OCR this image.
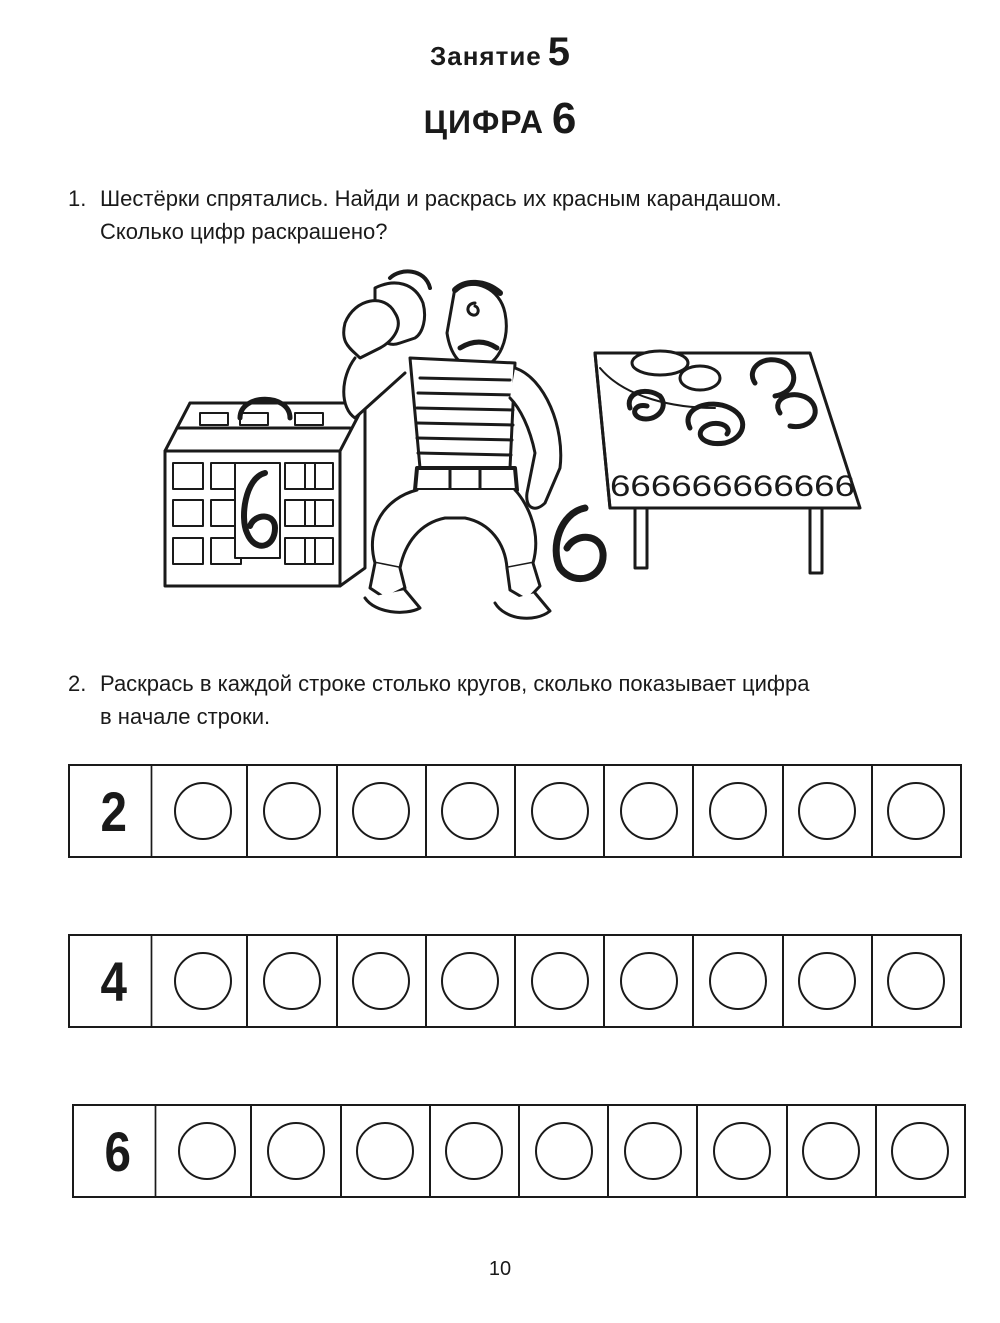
Занятие 5
ЦИФРА 6
1. Шестёрки спрятались. Найди и раскрась их красным карандашом.
Сколько цифр раскрашено?
666666666666
2. Раскрась в каждой строке столько кругов, сколько показывает цифра
в начале строки.
2
4
6
10
